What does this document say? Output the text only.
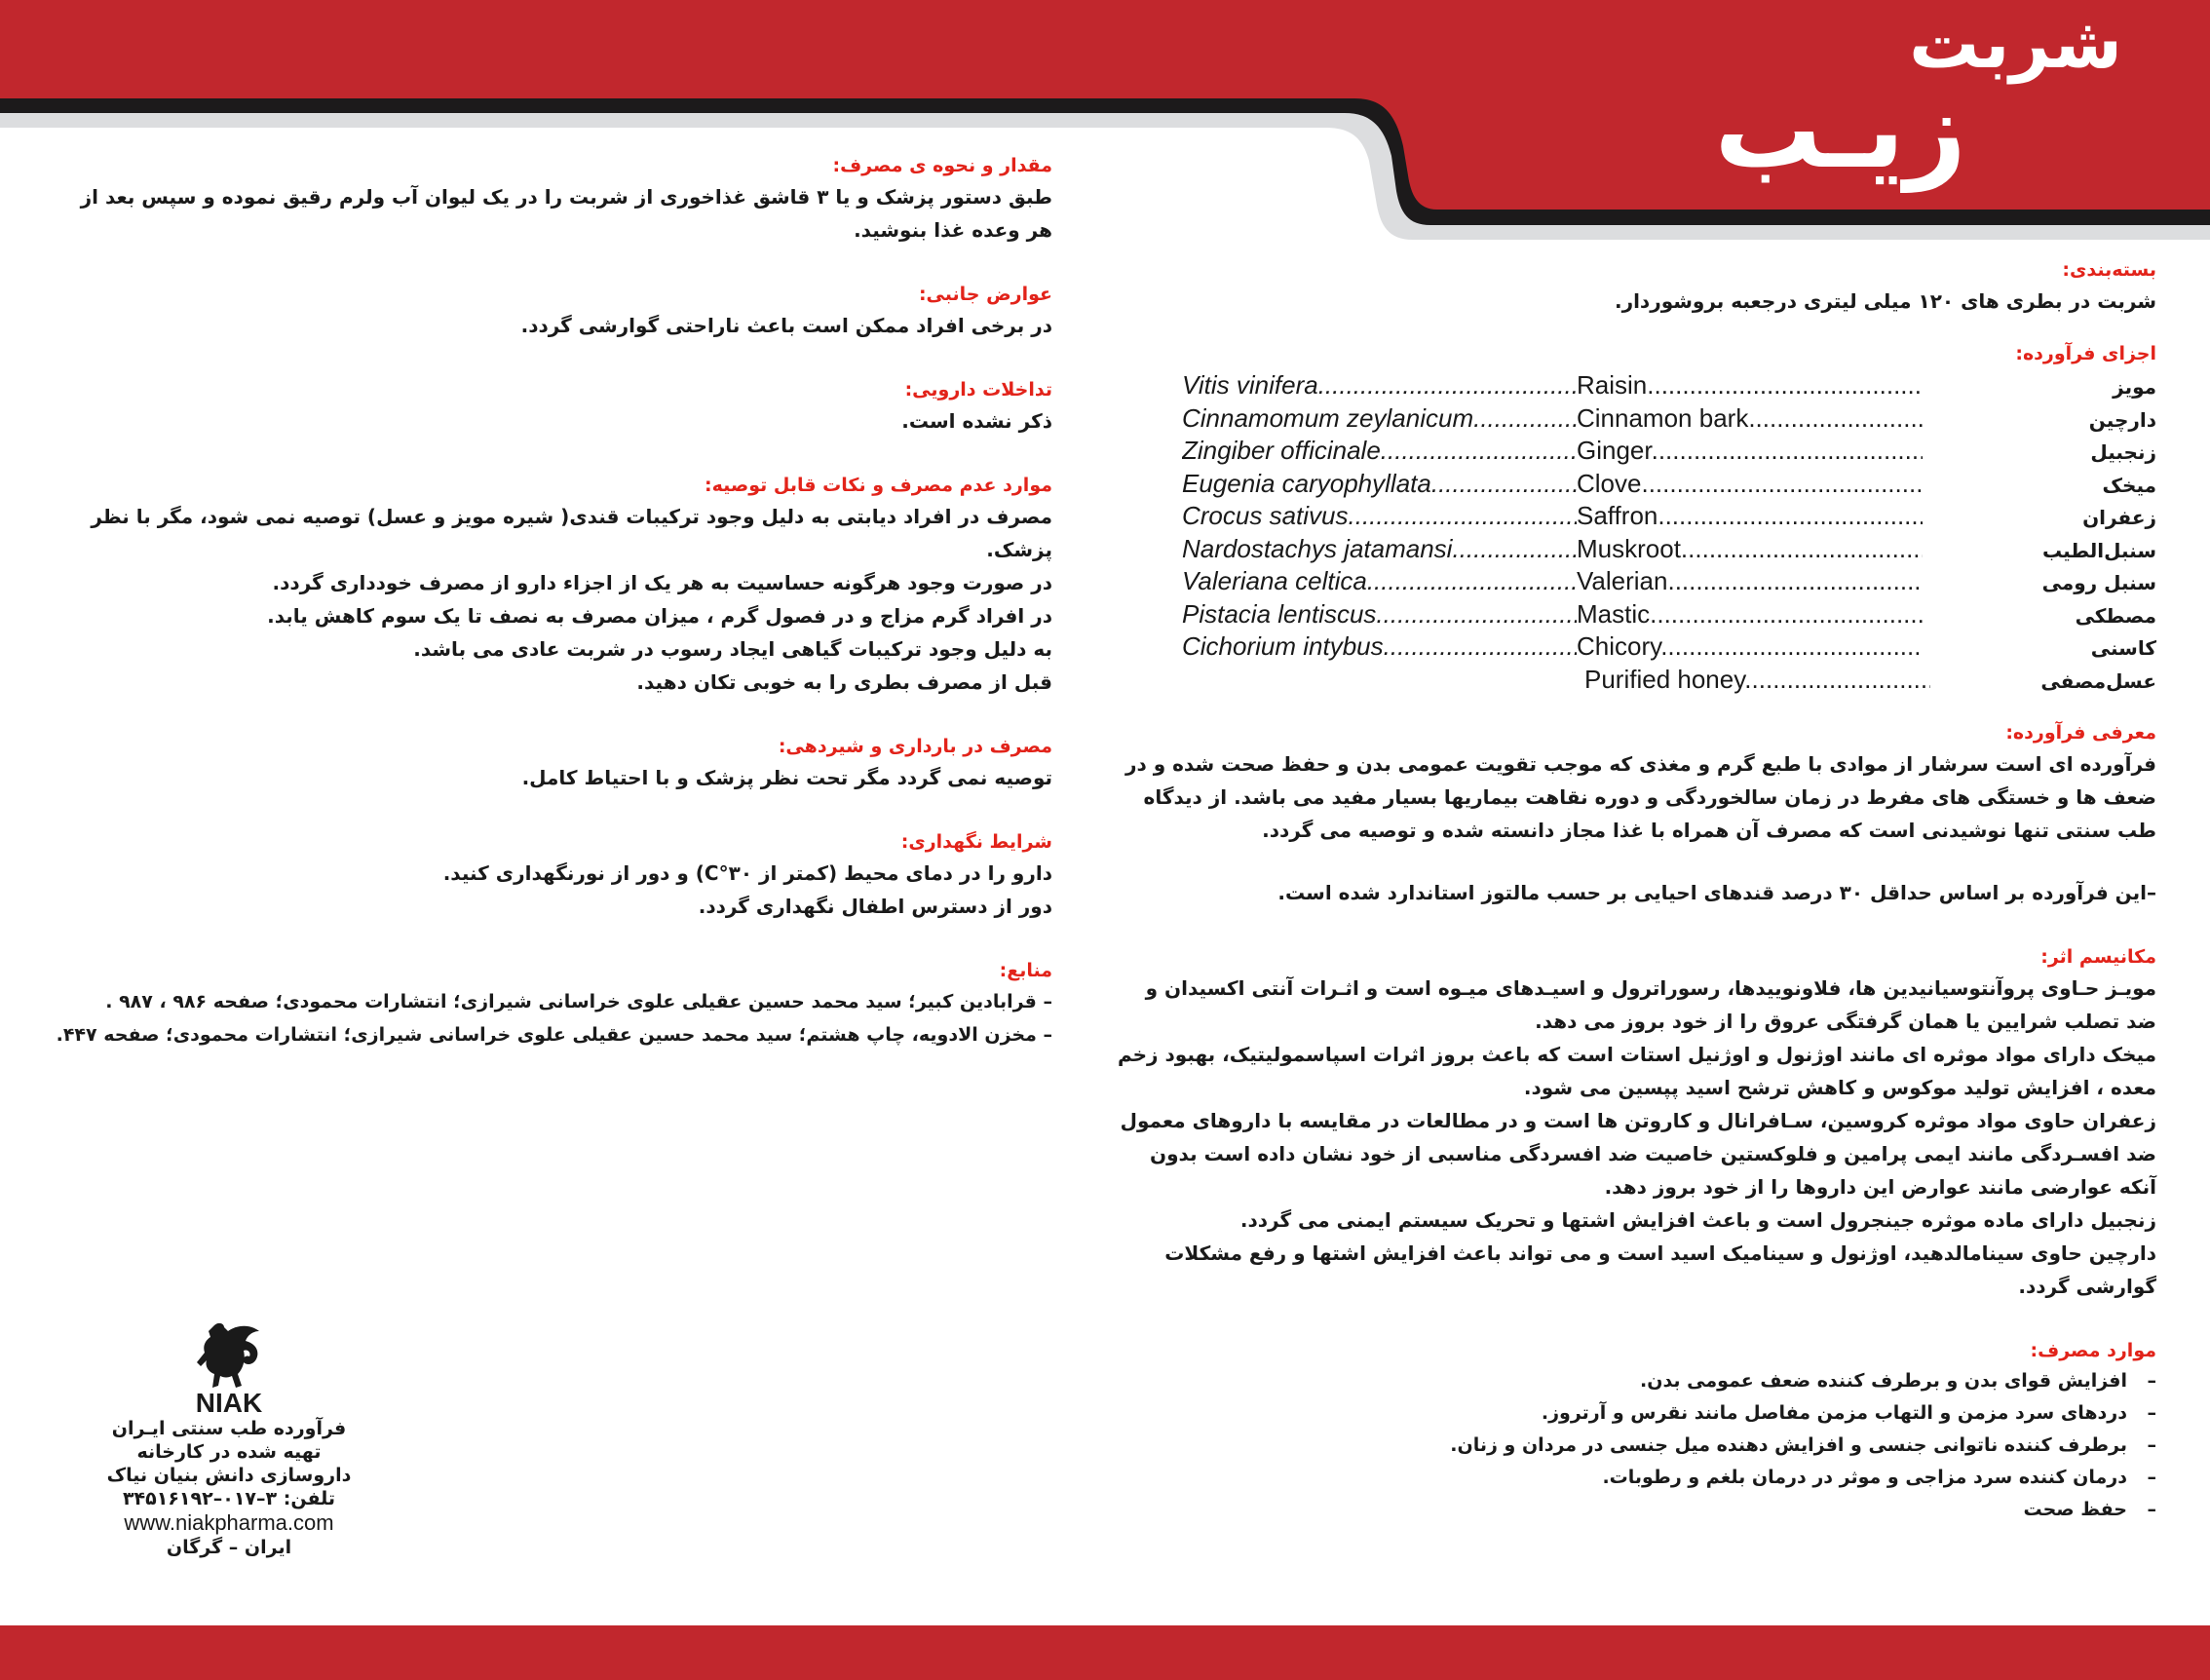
شربت
زیـب

بسته‌بندی:

شربت در بطری های ۱۲۰ میلی لیتری درجعبه بروشوردار.

اجزای فرآورده:

Vitis vinifera .....	Raisin .....	مویز
Cinnamomum zeylanicum .....	Cinnamon bark .....	دارچین
Zingiber officinale .....	Ginger .....	زنجبیل
Eugenia caryophyllata .....	Clove .....	میخک
Crocus sativus .....	Saffron .....	زعفران
Nardostachys jatamansi .....	Muskroot .....	سنبل‌الطیب
Valeriana celtica .....	Valerian .....	سنبل رومی
Pistacia lentiscus .....	Mastic .....	مصطکی
Cichorium intybus .....	Chicory .....	کاسنی
Purified honey .....	عسل‌مصفی

معرفی فرآورده:

فرآورده ای است سرشار از موادی با طبع گرم و مغذی که موجب تقویت عمومی بدن و حفظ صحت شده و در ضعف ها و خستگی های مفرط در زمان سالخوردگی و دوره نقاهت بیماریها بسیار مفید می باشد. از دیدگاه طب سنتی تنها نوشیدنی است که مصرف آن همراه با غذا مجاز دانسته شده و توصیه می گردد.

–این فرآورده بر اساس حداقل ۳۰ درصد قندهای احیایی بر حسب مالتوز استاندارد شده است.

مکانیسم اثر:

مویـز حـاوی پروآنتوسیانیدین ها، فلاونوییدها، رسوراترول و اسیـدهای میـوه است و اثـرات آنتی اکسیدان و ضد تصلب شرایین یا همان گرفتگی عروق را از خود بروز می دهد.

میخک دارای مواد موثره ای مانند اوژنول و اوژنیل استات است که باعث بروز اثرات اسپاسمولیتیک، بهبود زخم معده ، افزایش تولید موکوس و کاهش ترشح اسید پپسین می شود.

زعفران حاوی مواد موثره کروسین، سـافرانال و کاروتن ها است و در مطالعات در مقایسه با داروهای معمول ضد افسـردگی مانند ایمی پرامین و فلوکستین خاصیت ضد افسردگی مناسبی از خود نشان داده است بدون آنکه عوارضی مانند عوارض این داروها را از خود بروز دهد.

زنجبیل دارای ماده موثره جینجرول است و باعث افزایش اشتها و تحریک سیستم ایمنی می گردد.

دارچین حاوی سینامالدهید، اوژنول و سینامیک اسید است و می تواند باعث افزایش اشتها و رفع مشکلات گوارشی گردد.

موارد مصرف:

–افزایش قوای بدن و برطرف کننده ضعف عمومی بدن.
–دردهای سرد مزمن و التهاب مزمن مفاصل مانند نقرس و آرتروز.
–برطرف کننده ناتوانی جنسی و افزایش دهنده میل جنسی در مردان و زنان.
–درمان کننده سرد مزاجی و موثر در درمان بلغم و رطوبات.
–حفظ صحت

مقدار و نحوه ی مصرف:

طبق دستور پزشک و یا ۳ قاشق غذاخوری از شربت را در یک لیوان آب ولرم رقیق نموده و سپس بعد از هر وعده غذا بنوشید.

عوارض جانبی:

در برخی افراد ممکن است باعث ناراحتی گوارشی گردد.

تداخلات دارویی:

ذکر نشده است.

موارد عدم مصرف و نکات قابل توصیه:

مصرف در افراد دیابتی به دلیل وجود ترکیبات قندی( شیره مویز و عسل) توصیه نمی شود، مگر با نظر پزشک.

در صورت وجود هرگونه حساسیت به هر یک از اجزاء دارو از مصرف خودداری گردد.

در افراد گرم مزاج و در فصول گرم ، میزان مصرف به نصف تا یک سوم کاهش یابد.

به دلیل وجود ترکیبات گیاهی ایجاد رسوب در شربت عادی می باشد.

قبل از مصرف بطری را به خوبی تکان دهید.

مصرف در بارداری و شیردهی:

توصیه نمی گردد مگر تحت نظر پزشک و با احتیاط کامل.

شرایط نگهداری:

دارو را در دمای محیط (کمتر از ۳۰°C) و دور از نورنگهداری کنید.

دور از دسترس اطفال نگهداری گردد.

منابع:

– قرابادین کبیر؛ سید محمد حسین عقیلی علوی خراسانی شیرازی؛ انتشارات محمودی؛ صفحه ۹۸۶ ، ۹۸۷ .

– مخزن الادویه، چاپ هشتم؛ سید محمد حسین عقیلی علوی خراسانی شیرازی؛ انتشارات محمودی؛ صفحه ۴۴۷.

NIAK
فرآورده طب سنتی ایـران
تهیه شده در کارخانه
داروسازی دانش بنیان نیاک
تلفن: ۳–۰۱۷–۳۴۵۱۶۱۹۲
www.niakpharma.com
ایران – گرگان
